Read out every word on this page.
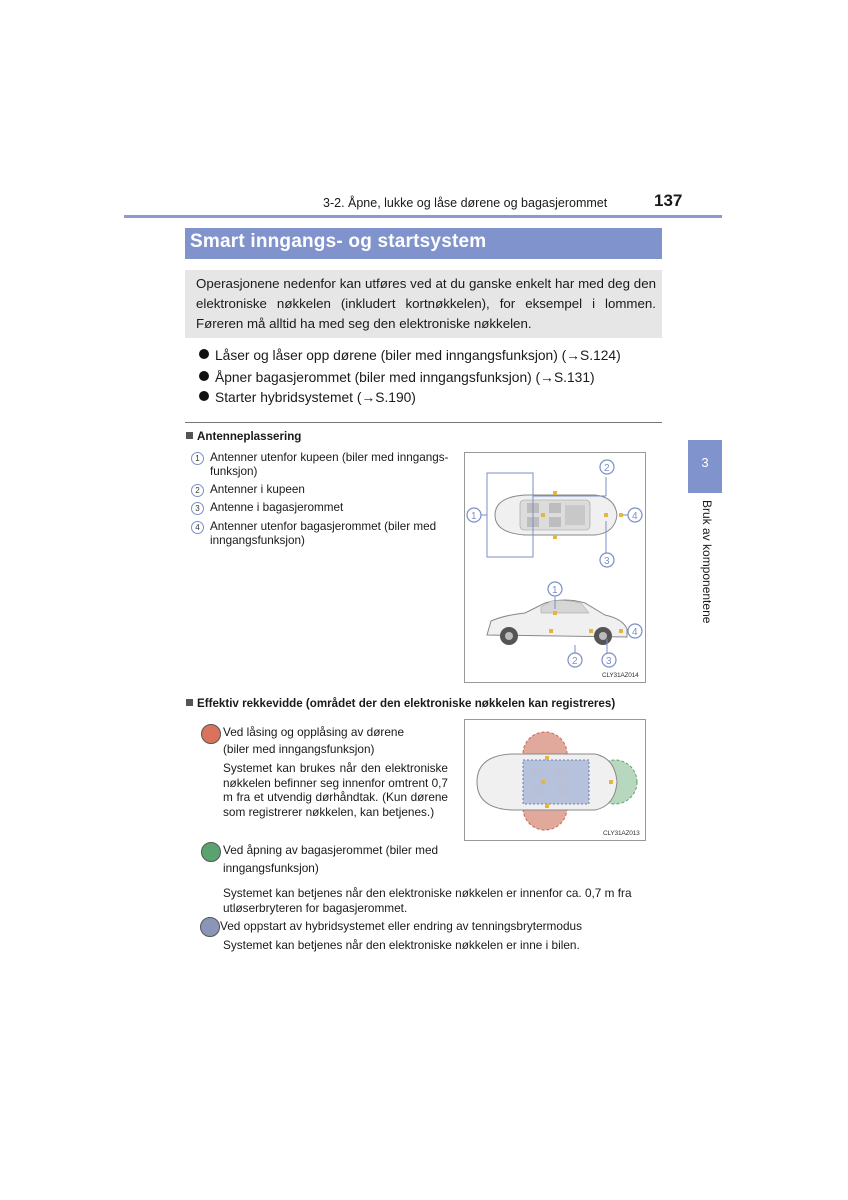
3-2. Åpne, lukke og låse dørene og bagasjerommet	137
3
Bruk av komponentene
Smart inngangs- og startsystem
Operasjonene nedenfor kan utføres ved at du ganske enkelt har med deg den elektroniske nøkkelen (inkludert kortnøkkelen), for eksempel i lommen. Føreren må alltid ha med seg den elektroniske nøkkelen.
Låser og låser opp dørene (biler med inngangsfunksjon) (→S.124)
Åpner bagasjerommet (biler med inngangsfunksjon) (→S.131)
Starter hybridsystemet (→S.190)
Antenneplassering
1 Antenner utenfor kupeen (biler med inngangs-funksjon)
2 Antenner i kupeen
3 Antenne i bagasjerommet
4 Antenner utenfor bagasjerommet (biler med inngangsfunksjon)
1
2
3
4
1
2	3
4
CLY31AZ014
Effektiv rekkevidde (området der den elektroniske nøkkelen kan registreres)
Ved låsing og opplåsing av dørene
(biler med inngangsfunksjon)
Systemet kan brukes når den elektroniske nøkkelen befinner seg innenfor omtrent 0,7 m fra et utvendig dørhåndtak. (Kun dørene som registrerer nøkkelen, kan betjenes.)
Ved åpning av bagasjerommet (biler med
inngangsfunksjon)
Systemet kan betjenes når den elektroniske nøkkelen er innenfor ca. 0,7 m fra utløserbryteren for bagasjerommet.
Ved oppstart av hybridsystemet eller endring av tenningsbrytermodus
Systemet kan betjenes når den elektroniske nøkkelen er inne i bilen.
CLY31AZ013
